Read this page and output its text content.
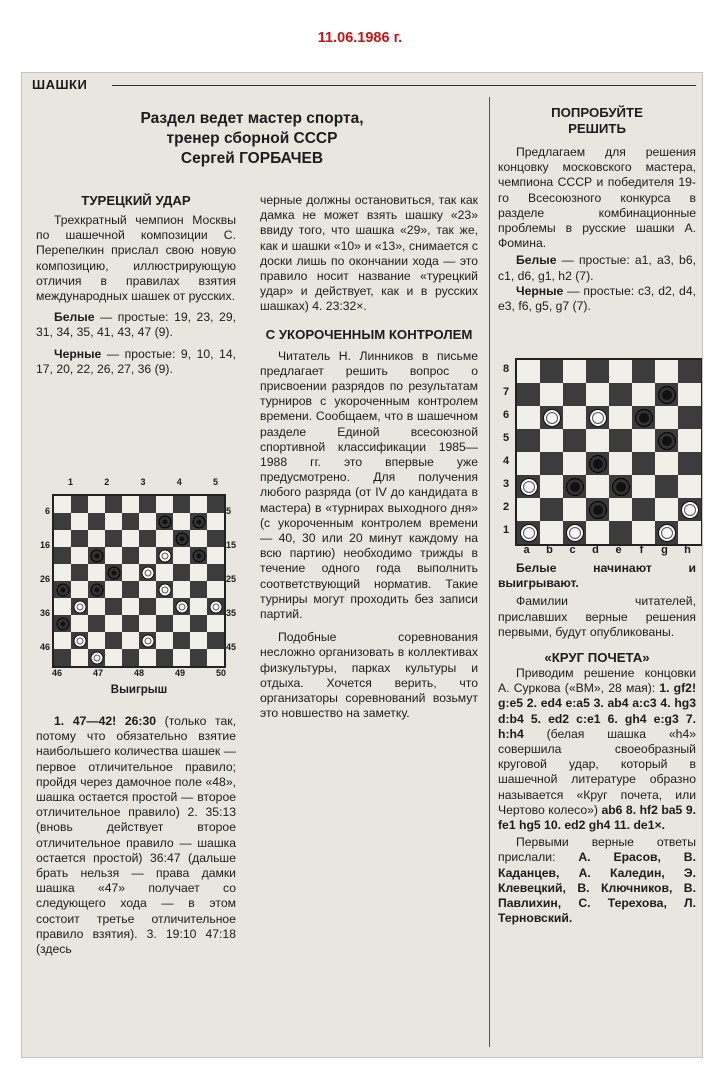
11.06.1986 г.
ШАШКИ
Раздел ведет мастер спорта,
тренер сборной СССР
Сергей ГОРБАЧЕВ
ТУРЕЦКИЙ УДАР

Трехкратный чемпион Москвы по шашечной композиции С. Перепелкин прислал свою новую композицию, иллюстрирующую отличия в правилах взятия международных шашек от русских.

Белые — простые: 19, 23, 29, 31, 34, 35, 41, 43, 47 (9).

Черные — простые: 9, 10, 14, 17, 20, 22, 26, 27, 36 (9).

1	2	3	4	5
5
15
25
35
45
6
16
26
36
46
46	47	48	49	50
Выигрыш

1. 47—42! 26:30 (только так, потому что обязательно взятие наибольшего количества шашек — первое отличительное правило; пройдя через дамочное поле «48», шашка остается простой — второе отличительное правило) 2. 35:13 (вновь действует второе отличительное правило — шашка остается простой) 36:47 (дальше брать нельзя — права дамки шашка «47» получает со следующего хода — в этом состоит третье отличительное правило взятия). 3. 19:10 47:18 (здесь

черные должны остановиться, так как дамка не может взять шашку «23» ввиду того, что шашка «29», так же, как и шашки «10» и «13», снимается с доски лишь по окончании хода — это правило носит название «турецкий удар» и действует, как и в русских шашках) 4. 23:32×.

С УКОРОЧЕННЫМ КОНТРОЛЕМ

Читатель Н. Линников в письме предлагает решить вопрос о присвоении разрядов по результатам турниров с укороченным контролем времени. Сообщаем, что в шашечном разделе Единой всесоюзной спортивной классификации 1985—1988 гг. это впервые уже предусмотрено. Для получения любого разряда (от IV до кандидата в мастера) в «турнирах выходного дня» (с укороченным контролем времени — 40, 30 или 20 минут каждому на всю партию) необходимо трижды в течение одного года выполнить соответствующий норматив. Такие турниры могут проходить без записи партий.

Подобные соревнования несложно организовать в коллективах физкультуры, парках культуры и отдыха. Хочется верить, что организаторы соревнований возьмут это новшество на заметку.

ПОПРОБУЙТЕ
РЕШИТЬ

Предлагаем для решения концовку московского мастера, чемпиона СССР и победителя 19-го Всесоюзного конкурса в разделе комбинационные проблемы в русские шашки А. Фомина.

Белые — простые: a1, a3, b6, c1, d6, g1, h2 (7).

Черные — простые: c3, d2, d4, e3, f6, g5, g7 (7).

8
7
6
5
4
3
2
1
a	b	c	d	e	f	g	h

Белые начинают и выигрывают.

Фамилии читателей, приславших верные решения первыми, будут опубликованы.

«КРУГ ПОЧЕТА»

Приводим решение концовки А. Суркова («ВМ», 28 мая): 1. gf2! g:e5 2. ed4 e:a5 3. ab4 a:c3 4. hg3 d:b4 5. ed2 c:e1 6. gh4 e:g3 7. h:h4 (белая шашка «h4» совершила своеобразный круговой удар, который в шашечной литературе образно называется «Круг почета, или Чертово колесо») ab6 8. hf2 ba5 9. fe1 hg5 10. ed2 gh4 11. de1×.

Первыми верные ответы прислали: А. Ерасов, В. Каданцев, А. Каледин, Э. Клевецкий, В. Ключников, В. Павлихин, С. Терехова, Л. Терновский.
